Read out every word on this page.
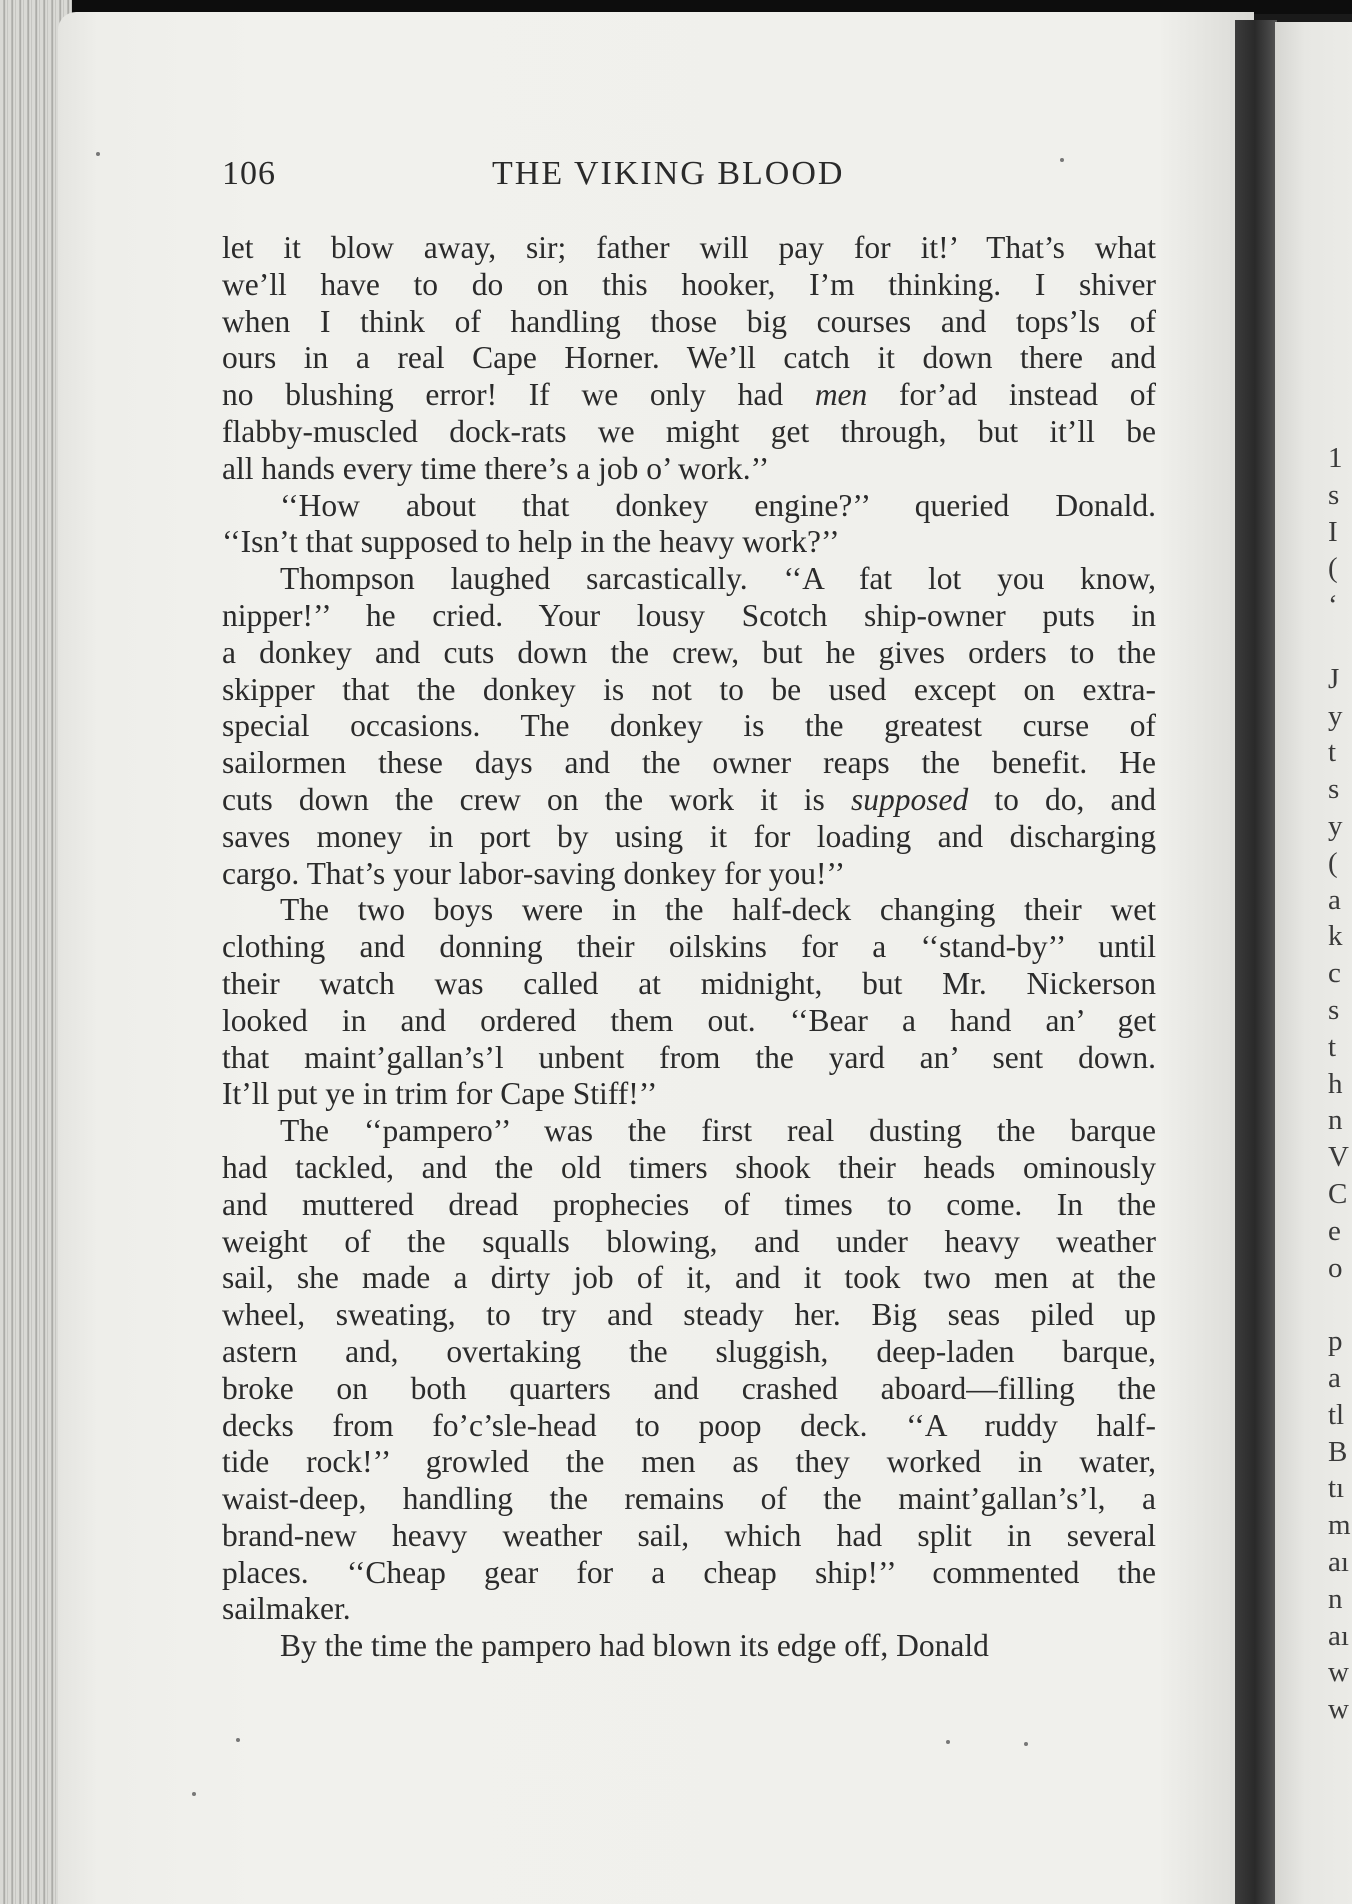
1
s
I
(
‘
J
y
t
s
y
(
a
k
c
s
t
h
n
V
C
e
o
p
a
tl
B
tı
m
aı
n
aı
w
w
106	THE VIKING BLOOD
let it blow away, sir; father will pay for it!’ That’s what
we’ll have to do on this hooker, I’m thinking. I shiver
when I think of handling those big courses and tops’ls of
ours in a real Cape Horner. We’ll catch it down there and
no blushing error! If we only had men for’ad instead of
flabby-muscled dock-rats we might get through, but it’ll be
all hands every time there’s a job o’ work.’’
‘‘How about that donkey engine?’’ queried Donald.
‘‘Isn’t that supposed to help in the heavy work?’’
Thompson laughed sarcastically. ‘‘A fat lot you know,
nipper!’’ he cried. Your lousy Scotch ship-owner puts in
a donkey and cuts down the crew, but he gives orders to the
skipper that the donkey is not to be used except on extra-
special occasions. The donkey is the greatest curse of
sailormen these days and the owner reaps the benefit. He
cuts down the crew on the work it is supposed to do, and
saves money in port by using it for loading and discharging
cargo. That’s your labor-saving donkey for you!’’
The two boys were in the half-deck changing their wet
clothing and donning their oilskins for a ‘‘stand-by’’ until
their watch was called at midnight, but Mr. Nickerson
looked in and ordered them out. ‘‘Bear a hand an’ get
that maint’gallan’s’l unbent from the yard an’ sent down.
It’ll put ye in trim for Cape Stiff!’’
The ‘‘pampero’’ was the first real dusting the barque
had tackled, and the old timers shook their heads ominously
and muttered dread prophecies of times to come. In the
weight of the squalls blowing, and under heavy weather
sail, she made a dirty job of it, and it took two men at the
wheel, sweating, to try and steady her. Big seas piled up
astern and, overtaking the sluggish, deep-laden barque,
broke on both quarters and crashed aboard—filling the
decks from fo’c’sle-head to poop deck. ‘‘A ruddy half-
tide rock!’’ growled the men as they worked in water,
waist-deep, handling the remains of the maint’gallan’s’l, a
brand-new heavy weather sail, which had split in several
places. ‘‘Cheap gear for a cheap ship!’’ commented the
sailmaker.
By the time the pampero had blown its edge off, Donald
